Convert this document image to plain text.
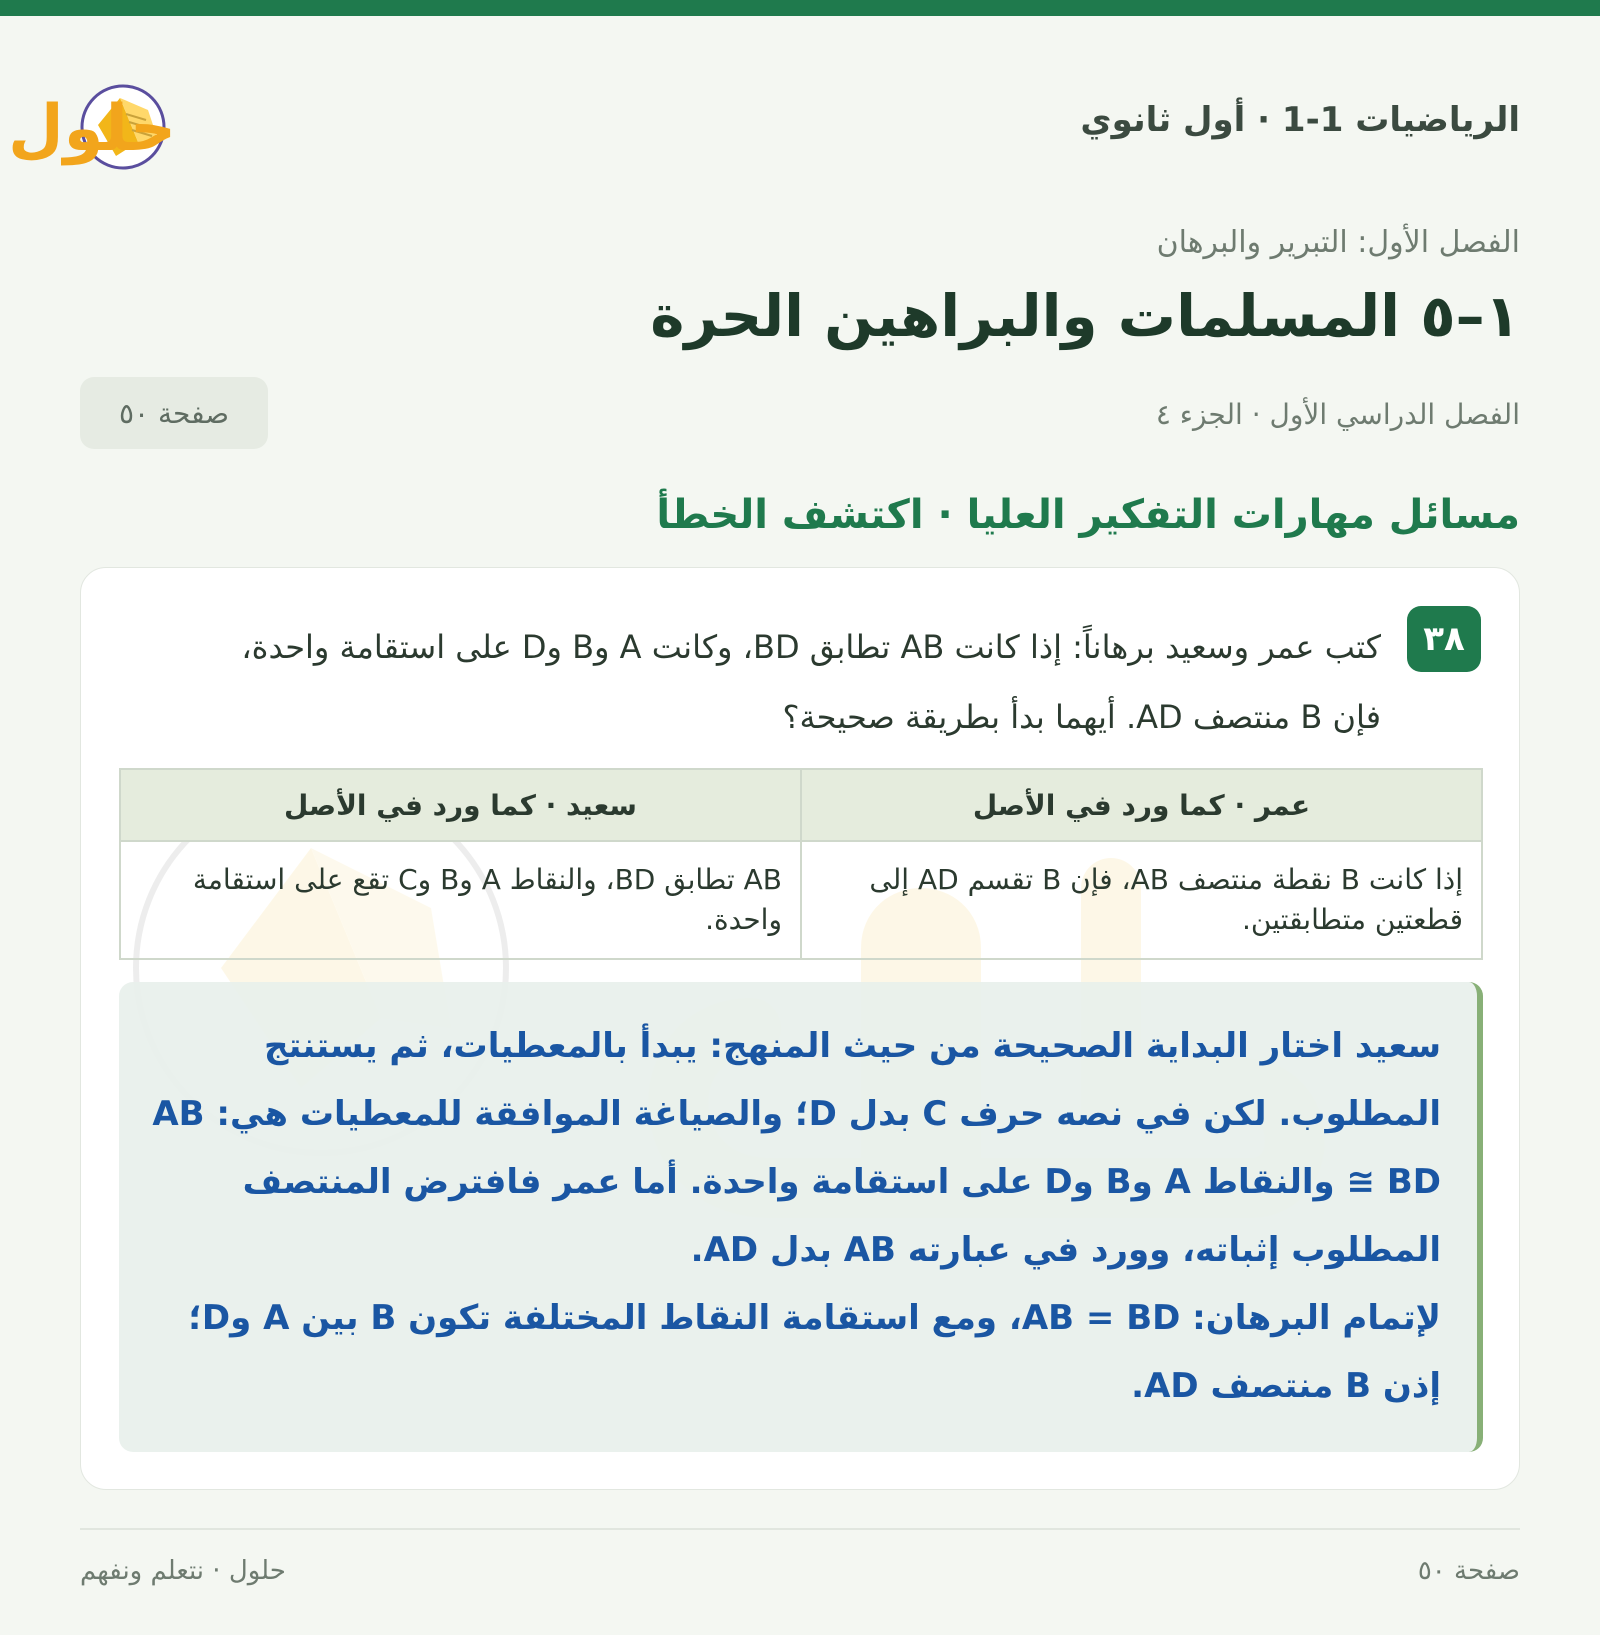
الرياضيات 1-1 · أول ثانوي
حلول
الفصل الأول: التبرير والبرهان
١–٥ المسلمات والبراهين الحرة
الفصل الدراسي الأول · الجزء ٤
صفحة ٥٠
مسائل مهارات التفكير العليا · اكتشف الخطأ
٣٨

كتب عمر وسعيد برهاناً: إذا كانت AB تطابق BD، وكانت A وB وD على استقامة واحدة، فإن B منتصف AD. أيهما بدأ بطريقة صحيحة؟

عمر · كما ورد في الأصل	سعيد · كما ورد في الأصل
إذا كانت B نقطة منتصف AB، فإن B تقسم AD إلى قطعتين متطابقتين.	AB تطابق BD، والنقاط A وB وC تقع على استقامة واحدة.

سعيد اختار البداية الصحيحة من حيث المنهج: يبدأ بالمعطيات، ثم يستنتج المطلوب. لكن في نصه حرف C بدل D؛ والصياغة الموافقة للمعطيات هي: AB ≅ BD والنقاط A وB وD على استقامة واحدة. أما عمر فافترض المنتصف المطلوب إثباته، وورد في عبارته AB بدل AD.

لإتمام البرهان: AB = BD، ومع استقامة النقاط المختلفة تكون B بين A وD؛ إذن B منتصف AD.

صفحة ٥٠
حلول · نتعلم ونفهم
